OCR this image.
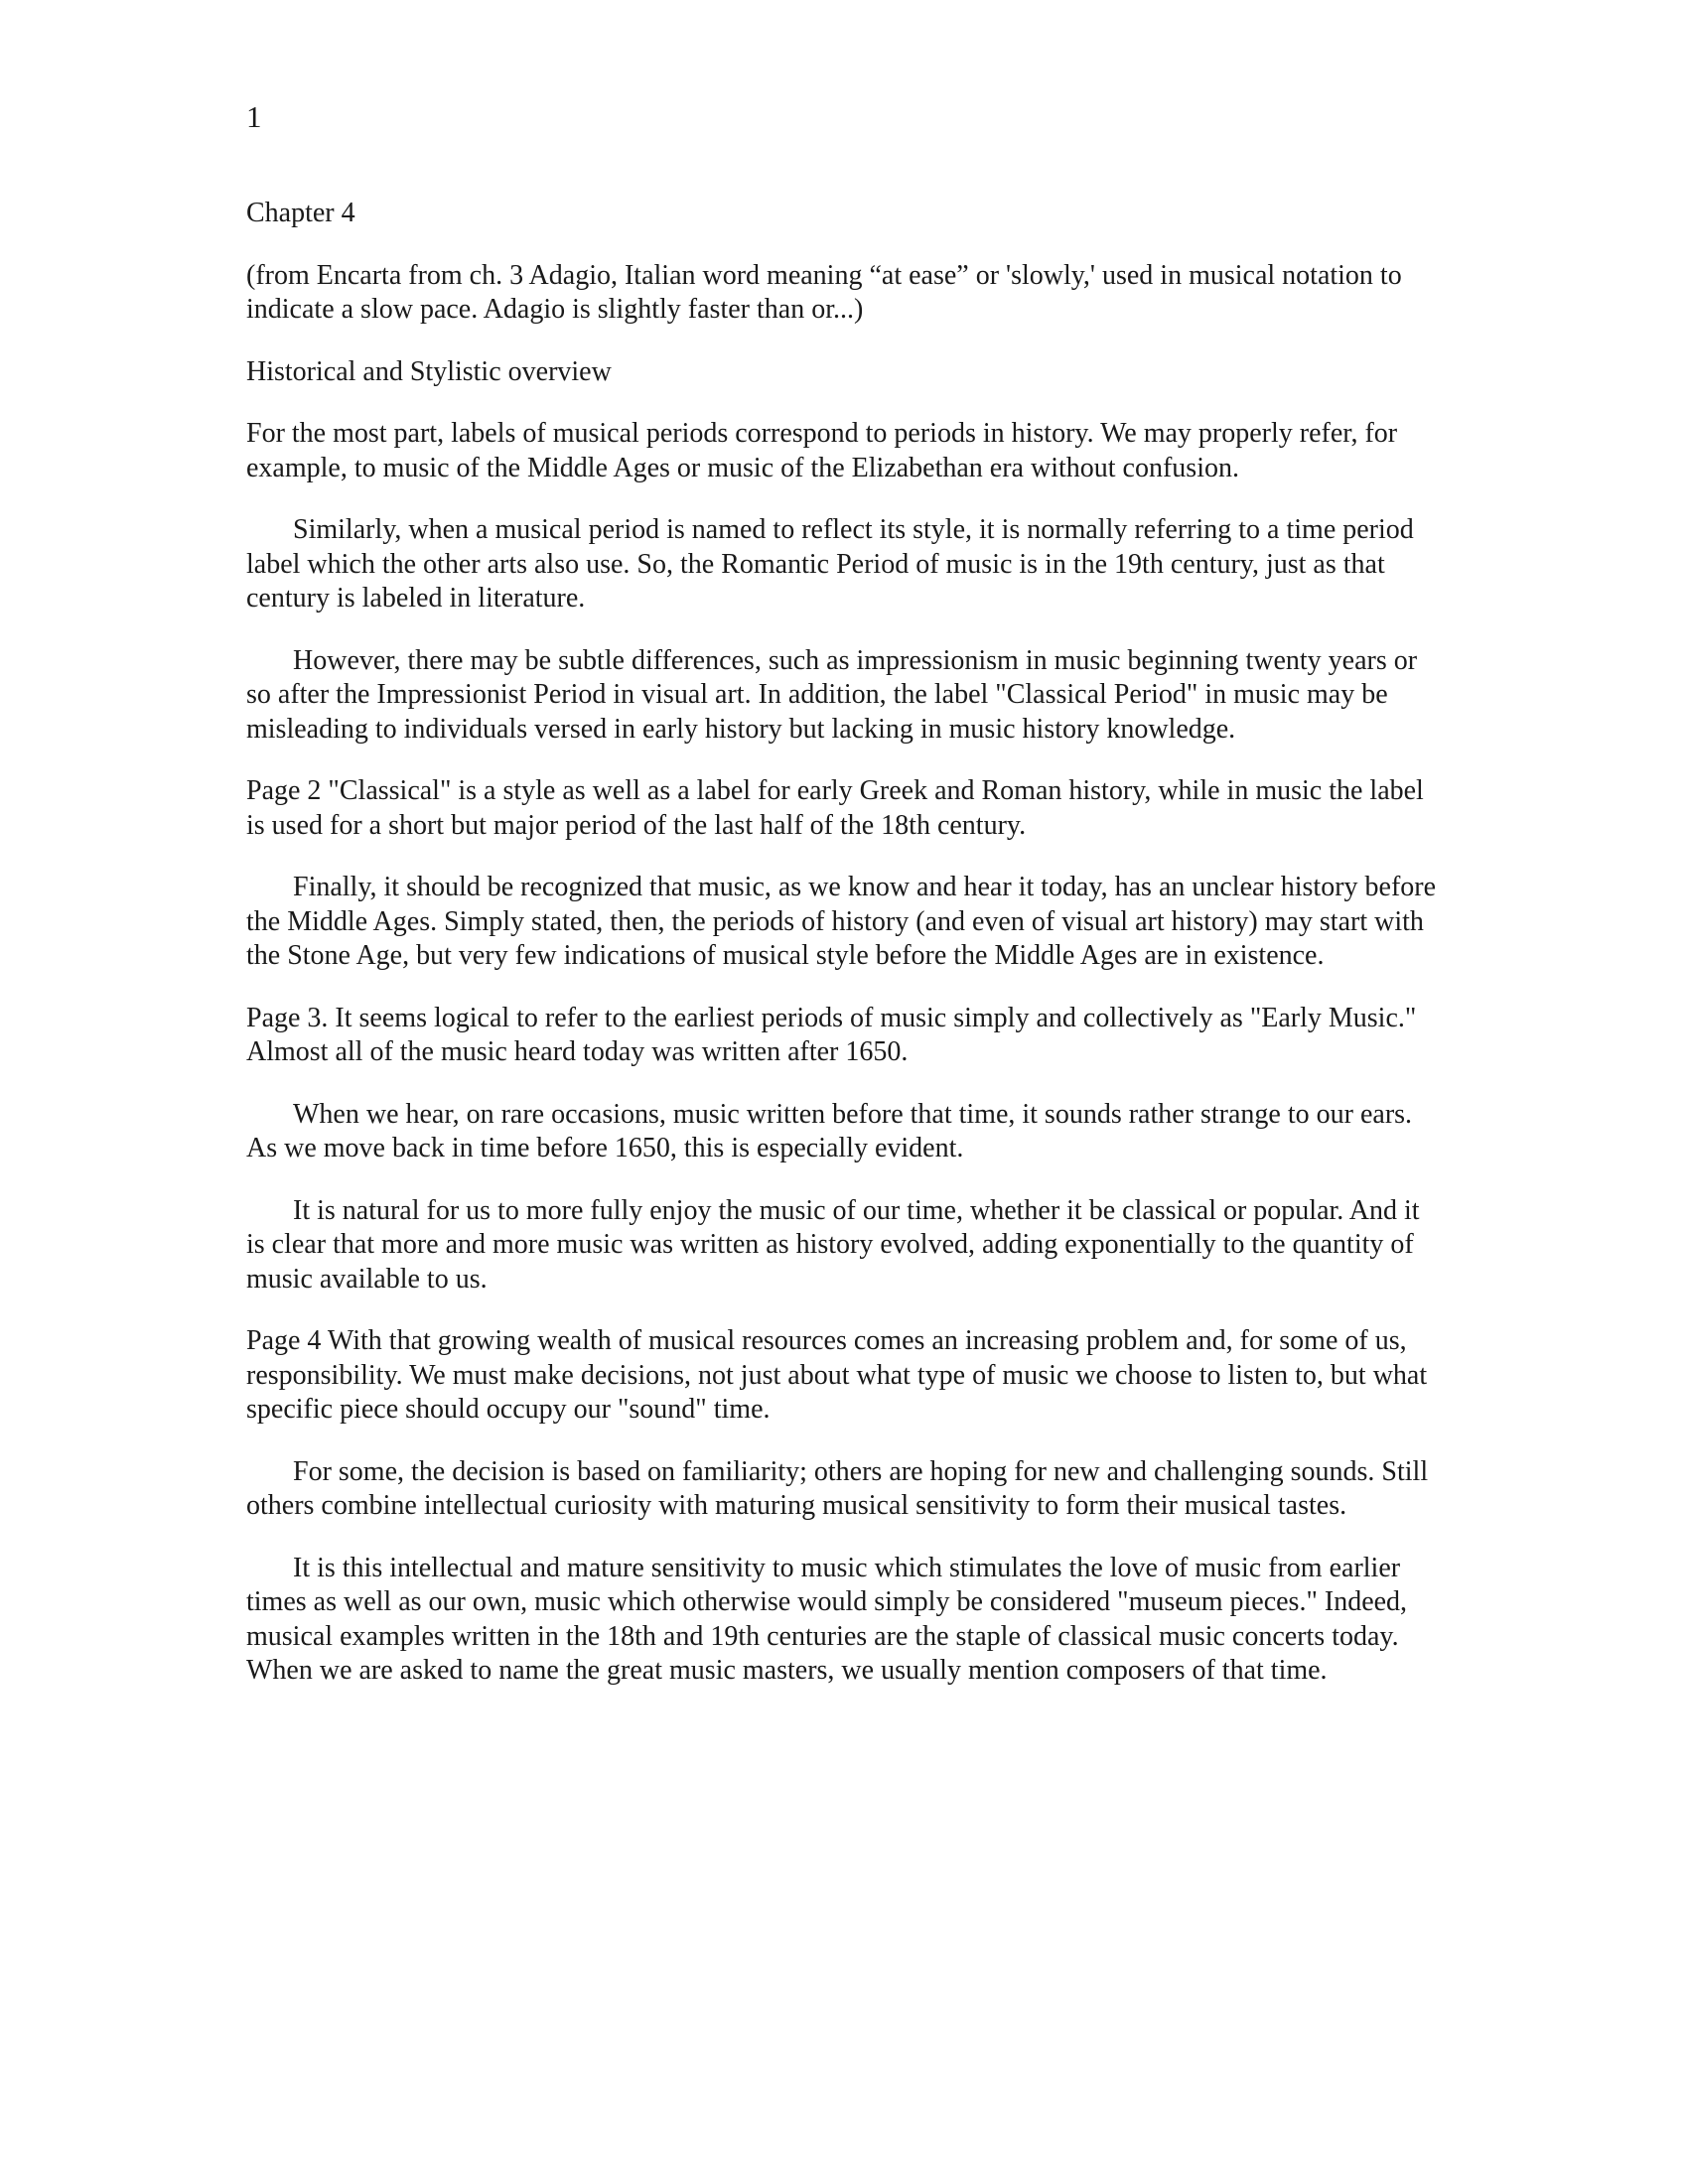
1

Chapter 4

(from Encarta from ch. 3 Adagio, Italian word meaning “at ease” or 'slowly,' used in musical notation to indicate a slow pace. Adagio is slightly faster than or...)

Historical and Stylistic overview

For the most part, labels of musical periods correspond to periods in history. We may properly refer, for example, to music of the Middle Ages or music of the Elizabethan era without confusion.

Similarly, when a musical period is named to reflect its style, it is normally referring to a time period label which the other arts also use. So, the Romantic Period of music is in the 19th century, just as that century is labeled in literature.

However, there may be subtle differences, such as impressionism in music beginning twenty years or so after the Impressionist Period in visual art. In addition, the label "Classical Period" in music may be misleading to individuals versed in early history but lacking in music history knowledge.

Page 2 "Classical" is a style as well as a label for early Greek and Roman history, while in music the label is used for a short but major period of the last half of the 18th century.

Finally, it should be recognized that music, as we know and hear it today, has an unclear history before the Middle Ages. Simply stated, then, the periods of history (and even of visual art history) may start with the Stone Age, but very few indications of musical style before the Middle Ages are in existence.

Page 3. It seems logical to refer to the earliest periods of music simply and collectively as "Early Music." Almost all of the music heard today was written after 1650.

When we hear, on rare occasions, music written before that time, it sounds rather strange to our ears. As we move back in time before 1650, this is especially evident.

It is natural for us to more fully enjoy the music of our time, whether it be classical or popular. And it is clear that more and more music was written as history evolved, adding exponentially to the quantity of music available to us.

Page 4 With that growing wealth of musical resources comes an increasing problem and, for some of us, responsibility. We must make decisions, not just about what type of music we choose to listen to, but what specific piece should occupy our "sound" time.

For some, the decision is based on familiarity; others are hoping for new and challenging sounds. Still others combine intellectual curiosity with maturing musical sensitivity to form their musical tastes.

It is this intellectual and mature sensitivity to music which stimulates the love of music from earlier times as well as our own, music which otherwise would simply be considered "museum pieces." Indeed, musical examples written in the 18th and 19th centuries are the staple of classical music concerts today. When we are asked to name the great music masters, we usually mention composers of that time.
